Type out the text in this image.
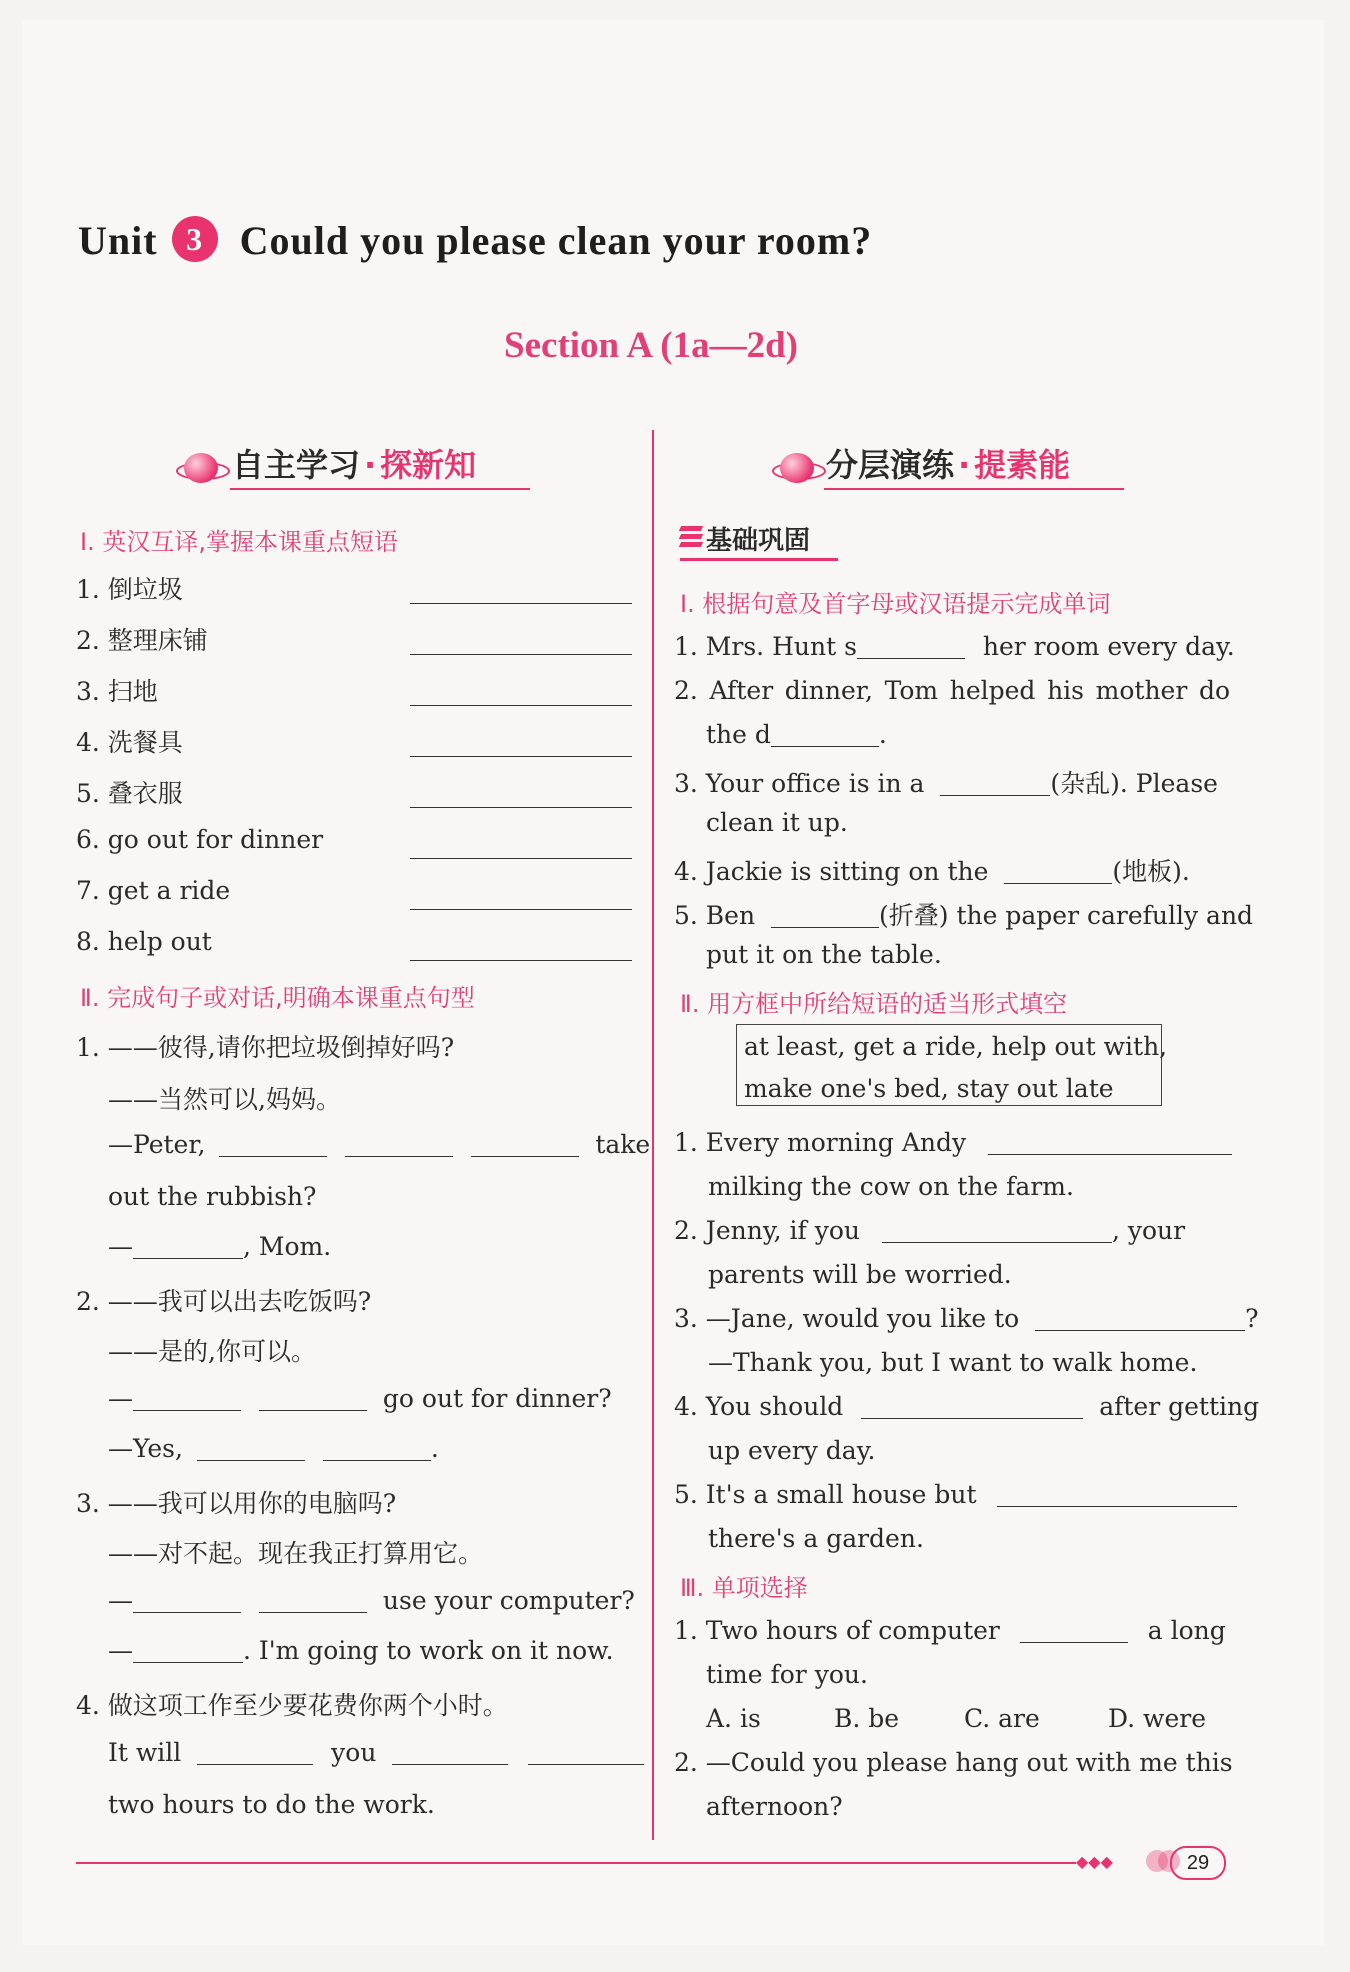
Unit 3 Could you please clean your room?
Section A (1a—2d)
自主学习 · 探新知	分层演练 · 提素能
Ⅰ. 英汉互译,掌握本课重点短语
1. 倒垃圾
2. 整理床铺
3. 扫地
4. 洗餐具
5. 叠衣服
6. go out for dinner
7. get a ride
8. help out
Ⅱ. 完成句子或对话,明确本课重点句型
1. ——彼得,请你把垃圾倒掉好吗?
——当然可以,妈妈。
—Peter,	take
out the rubbish?
—	, Mom.
2. ——我可以出去吃饭吗?
——是的,你可以。
—	go out for dinner?
—Yes,	.
3. ——我可以用你的电脑吗?
——对不起。现在我正打算用它。
—	use your computer?
—	. I'm going to work on it now.
4. 做这项工作至少要花费你两个小时。
It will	you
two hours to do the work.
基础巩固
Ⅰ. 根据句意及首字母或汉语提示完成单词
1. Mrs. Hunt s	her room every day.
2. After dinner, Tom helped his mother do
the d	.
3. Your office is in a	(杂乱). Please
clean it up.
4. Jackie is sitting on the	(地板).
5. Ben	(折叠) the paper carefully and
put it on the table.
Ⅱ. 用方框中所给短语的适当形式填空
at least, get a ride, help out with,
make one's bed, stay out late
1. Every morning Andy
milking the cow on the farm.
2. Jenny, if you	, your
parents will be worried.
3. —Jane, would you like to	?
—Thank you, but I want to walk home.
4. You should	after getting
up every day.
5. It's a small house but
there's a garden.
Ⅲ. 单项选择
1. Two hours of computer	a long
time for you.
A. is	B. be	C. are	D. were
2. —Could you please hang out with me this
afternoon?
◆◆◆	29
